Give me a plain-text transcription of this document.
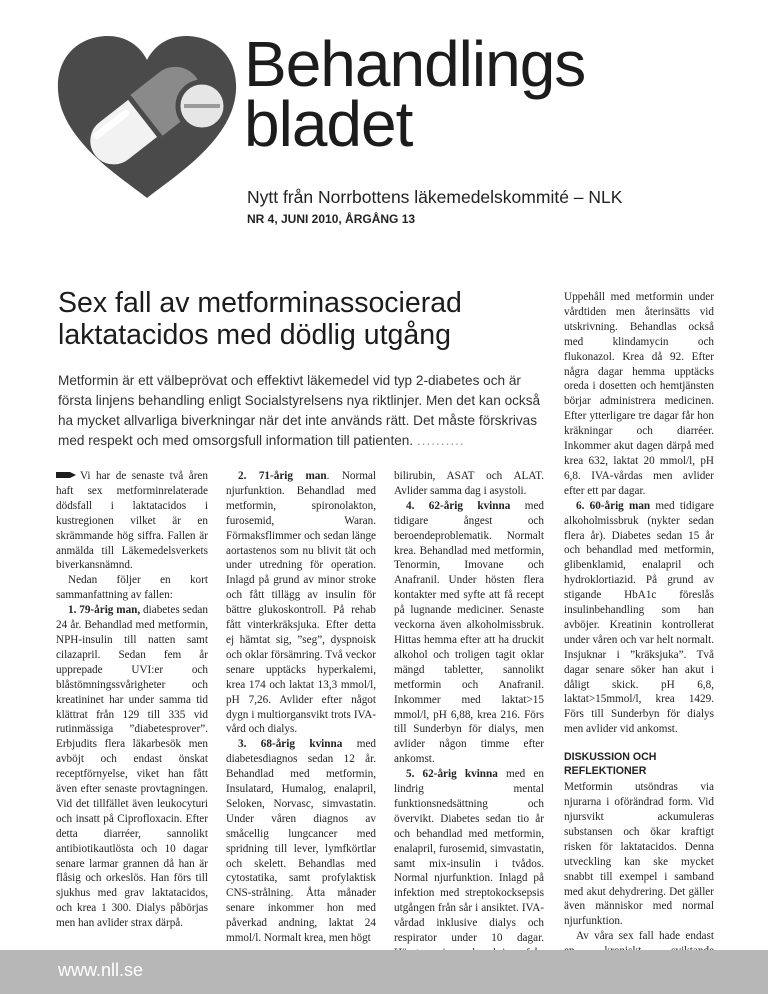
Behandlings
bladet
Nytt från Norrbottens läkemedelskommité – NLK
NR 4, JUNI 2010, ÅRGÅNG 13
Sex fall av metforminassocierad
laktatacidos med dödlig utgång
Metformin är ett välbeprövat och effektivt läkemedel vid typ 2-diabetes och är första linjens behandling enligt Socialstyrelsens nya riktlinjer. Men det kan också ha mycket allvarliga biverkningar när det inte används rätt. Det måste förskrivas med respekt och med omsorgsfull information till patienten. ..........

Vi har de senaste två åren haft sex metforminrelaterade dödsfall i laktatacidos i kustregionen vilket är en skrämmande hög siffra. Fallen är anmälda till Läkemedelsverkets biverkansnämnd.

Nedan följer en kort sammanfattning av fallen:

1. 79-årig man, diabetes sedan 24 år. Behandlad med metformin, NPH-insulin till natten samt cilazapril. Sedan fem år upprepade UVI:er och blåstömningssvårigheter och kreatininet har under samma tid klättrat från 129 till 335 vid rutinmässiga ”diabetesprover”. Erbjudits flera läkarbesök men avböjt och endast önskat receptförnyelse, viket han fått även efter senaste provtagningen. Vid det tillfället även leukocyturi och insatt på Ciprofloxacin. Efter detta diarréer, sannolikt antibiotikautlösta och 10 dagar senare larmar grannen då han är flåsig och orkeslös. Han förs till sjukhus med grav laktatacidos, och krea 1 300. Dialys påbörjas men han avlider strax därpå.

2. 71-årig man. Normal njurfunktion. Behandlad med metformin, spironolakton, furosemid, Waran. Förmaksflimmer och sedan länge aortastenos som nu blivit tät och under utredning för operation. Inlagd på grund av minor stroke och fått tillägg av insulin för bättre glukoskontroll. På rehab fått vinterkräksjuka. Efter detta ej hämtat sig, ”seg”, dyspnoisk och oklar försämring. Två veckor senare upptäcks hyperkalemi, krea 174 och laktat 13,3 mmol/l, pH 7,26. Avlider efter något dygn i multiorgansvikt trots IVA-vård och dialys.

3. 68-årig kvinna med diabetesdiagnos sedan 12 år. Behandlad med metformin, Insulatard, Humalog, enalapril, Seloken, Norvasc, simvastatin. Under våren diagnos av småcellig lungcancer med spridning till lever, lymfkörtlar och skelett. Behandlas med cytostatika, samt profylaktisk CNS-strålning. Åtta månader senare inkommer hon med påverkad andning, laktat 24 mmol/l. Normalt krea, men högt

bilirubin, ASAT och ALAT. Avlider samma dag i asystoli.

4. 62-årig kvinna med tidigare ångest och beroendeproblematik. Normalt krea. Behandlad med metformin, Tenormin, Imovane och Anafranil. Under hösten flera kontakter med syfte att få recept på lugnande mediciner. Senaste veckorna även alkoholmissbruk. Hittas hemma efter att ha druckit alkohol och troligen tagit oklar mängd tabletter, sannolikt metformin och Anafranil. Inkommer med laktat>15 mmol/l, pH 6,88, krea 216. Förs till Sunderbyn för dialys, men avlider någon timme efter ankomst.

5. 62-årig kvinna med en lindrig mental funktionsnedsättning och övervikt. Diabetes sedan tio år och behandlad med metformin, enalapril, furosemid, simvastatin, samt mix-insulin i tvådos. Normal njurfunktion. Inlagd på infektion med streptokocksepsis utgången från sår i ansiktet. IVA-vårdad inklusive dialys och respirator under 10 dagar.

Uppehåll med metformin under vårdtiden men återinsätts vid utskrivning. Behandlas också med klindamycin och flukonazol. Krea då 92. Efter några dagar hemma upptäcks oreda i dosetten och hemtjänsten börjar administrera medicinen. Efter ytterligare tre dagar får hon kräkningar och diarréer. Inkommer akut dagen därpå med krea 632, laktat 20 mmol/l, pH 6,8. IVA-vårdas men avlider efter ett par dagar.

6. 60-årig man med tidigare alkoholmissbruk (nykter sedan flera år). Diabetes sedan 15 år och behandlad med metformin, glibenklamid, enalapril och hydroklortiazid. På grund av stigande HbA1c föreslås insulinbehandling som han avböjer. Kreatinin kontrollerat under våren och var helt normalt. Insjuknar i ”kräksjuka”. Två dagar senare söker han akut i dåligt skick. pH 6,8, laktat>15mmol/l, krea 1429. Förs till Sunderbyn för dialys men avlider vid ankomst.

DISKUSSION OCH
REFLEKTIONER

Metformin utsöndras via njurarna i oförändrad form. Vid njursvikt ackumuleras substansen och ökar kraftigt risken för laktatacidos. Denna utveckling kan ske mycket snabbt till exempel i samband med akut dehydrering. Det gäller även människor med normal njurfunktion.

Av våra sex fall hade endast

www.nll.se
